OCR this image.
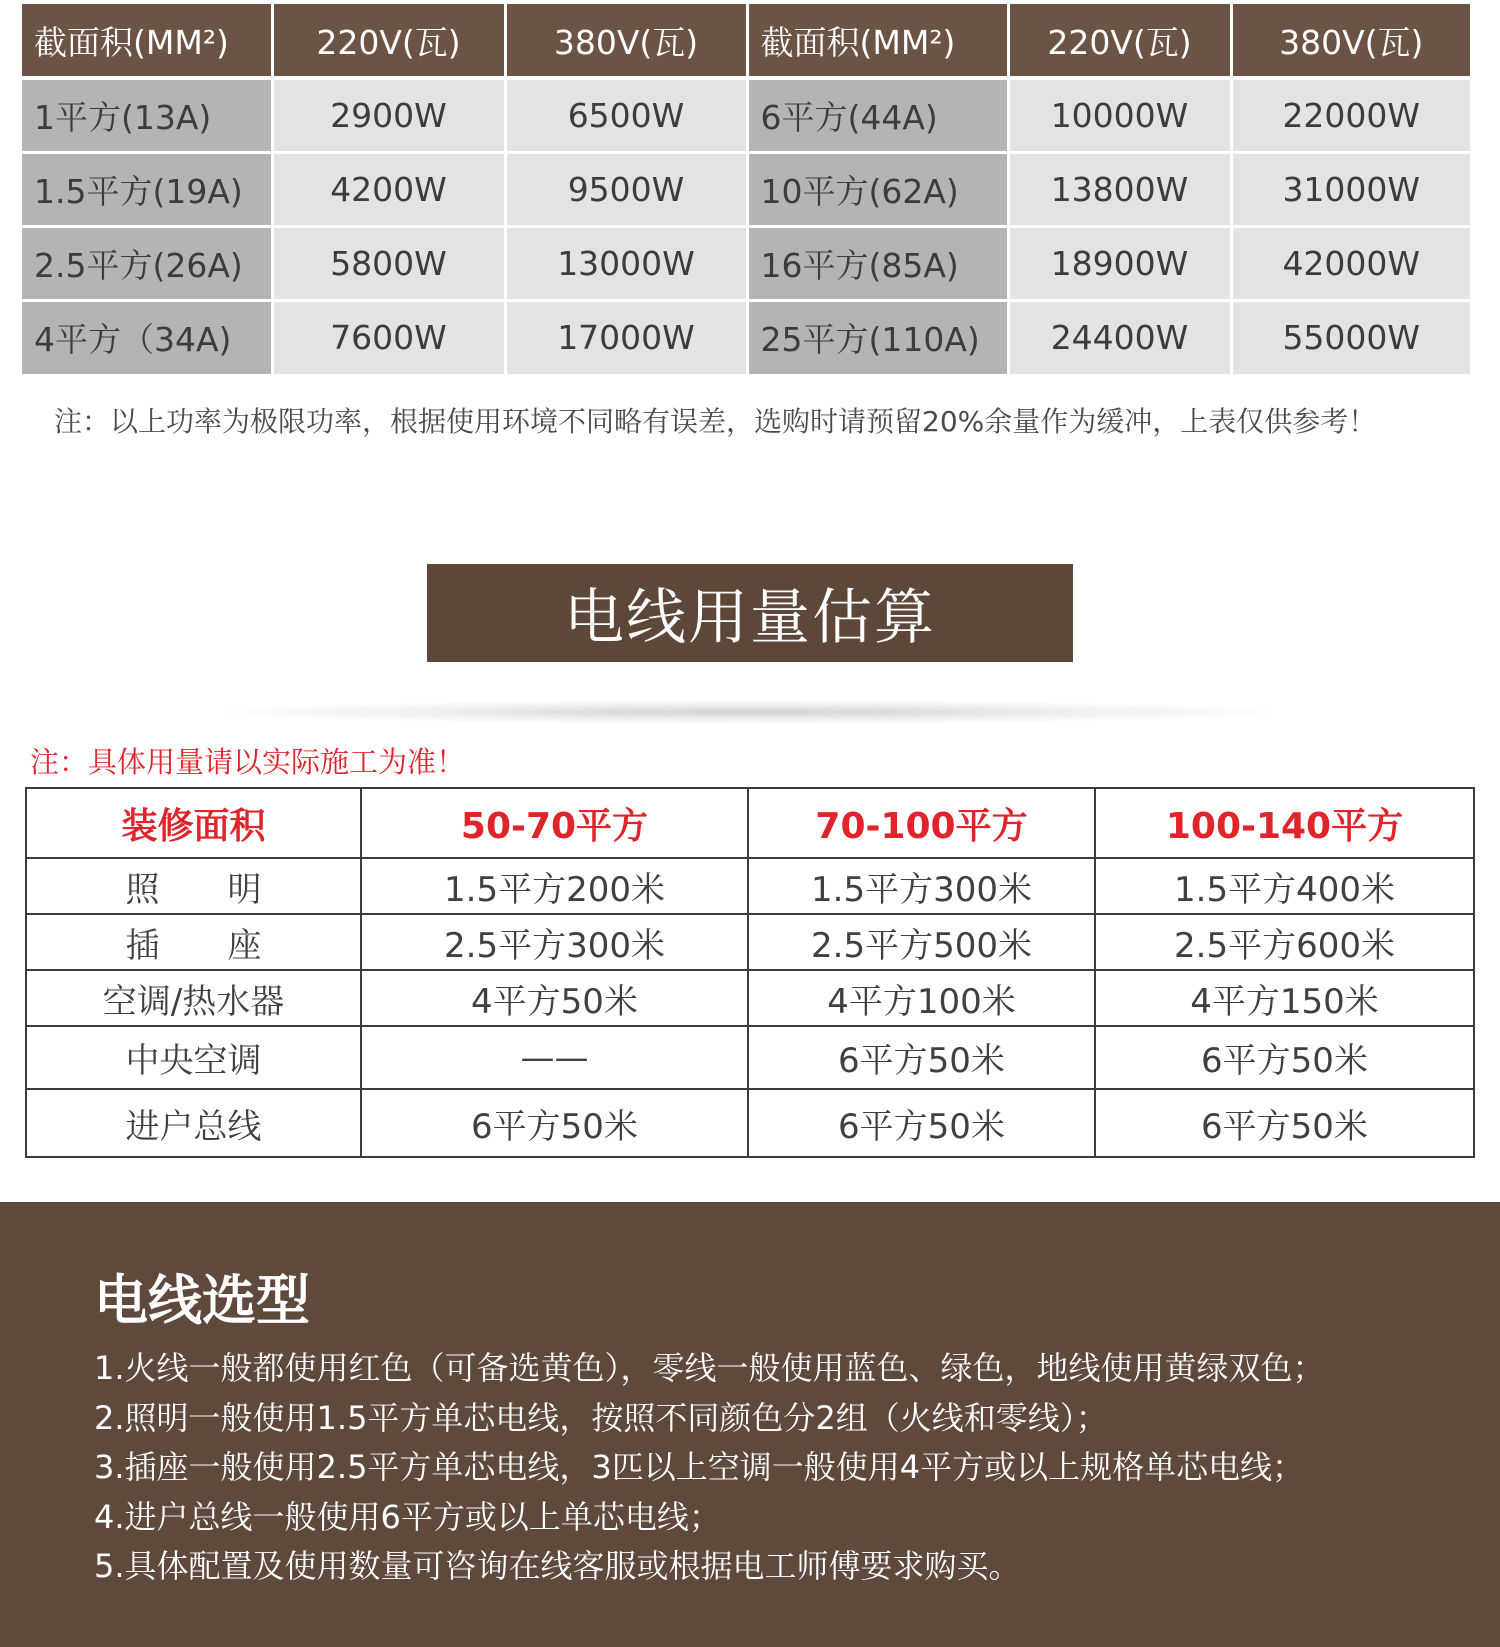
截面积(MM²)	220V(瓦)	380V(瓦)	截面积(MM²)	220V(瓦)	380V(瓦)
1平方(13A)	2900W	6500W	6平方(44A)	10000W	22000W
1.5平方(19A)	4200W	9500W	10平方(62A)	13800W	31000W
2.5平方(26A)	5800W	13000W	16平方(85A)	18900W	42000W
4平方（34A)	7600W	17000W	25平方(110A)	24400W	55000W
注：以上功率为极限功率，根据使用环境不同略有误差，选购时请预留20%余量作为缓冲，上表仅供参考！
电线用量估算
注：具体用量请以实际施工为准！
装修面积	50-70平方	70-100平方	100-140平方
照　　明	1.5平方200米	1.5平方300米	1.5平方400米
插　　座	2.5平方300米	2.5平方500米	2.5平方600米
空调/热水器	4平方50米	4平方100米	4平方150米
中央空调	——	6平方50米	6平方50米
进户总线	6平方50米	6平方50米	6平方50米
电线选型
1.火线一般都使用红色（可备选黄色），零线一般使用蓝色、绿色，地线使用黄绿双色；
2.照明一般使用1.5平方单芯电线，按照不同颜色分2组（火线和零线）；
3.插座一般使用2.5平方单芯电线，3匹以上空调一般使用4平方或以上规格单芯电线；
4.进户总线一般使用6平方或以上单芯电线；
5.具体配置及使用数量可咨询在线客服或根据电工师傅要求购买。
